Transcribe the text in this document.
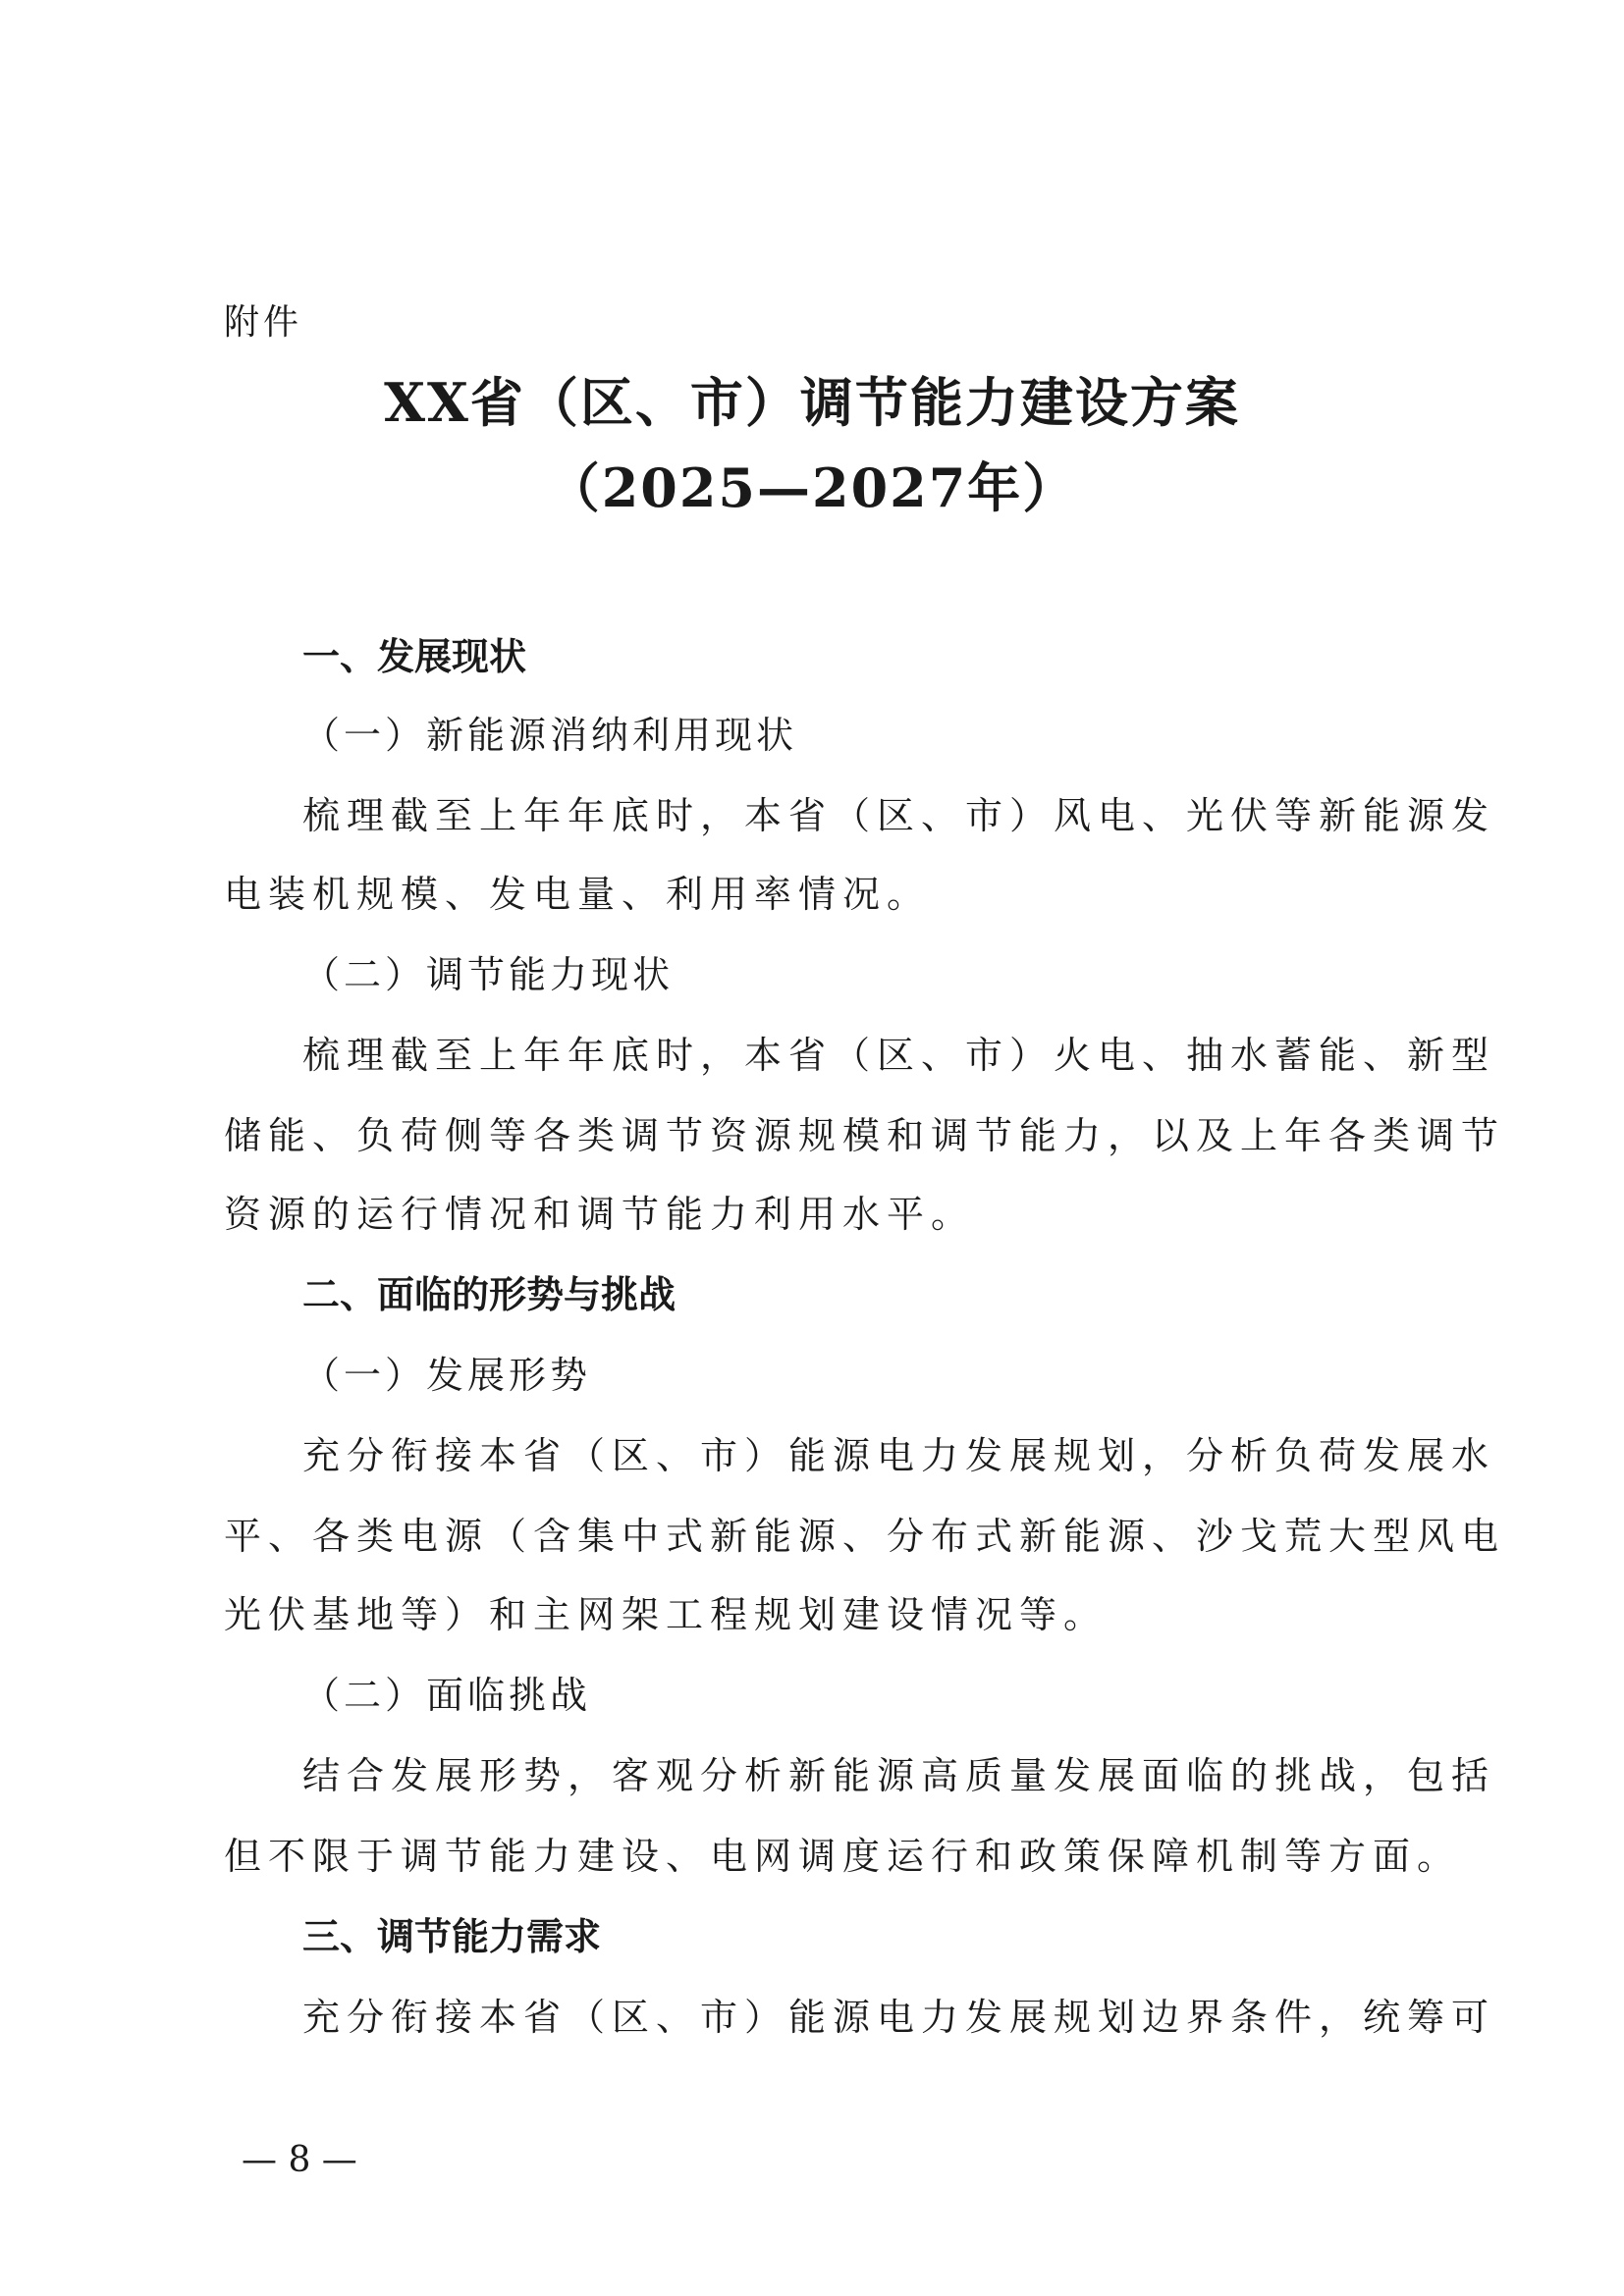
附件
XX省（区、市）调节能力建设方案
（2025—2027年）
一、发展现状
（一）新能源消纳利用现状
梳理截至上年年底时，本省（区、市）风电、光伏等新能源发
电装机规模、发电量、利用率情况。
（二）调节能力现状
梳理截至上年年底时，本省（区、市）火电、抽水蓄能、新型
储能、负荷侧等各类调节资源规模和调节能力，以及上年各类调节
资源的运行情况和调节能力利用水平。
二、面临的形势与挑战
（一）发展形势
充分衔接本省（区、市）能源电力发展规划，分析负荷发展水
平、各类电源（含集中式新能源、分布式新能源、沙戈荒大型风电
光伏基地等）和主网架工程规划建设情况等。
（二）面临挑战
结合发展形势，客观分析新能源高质量发展面临的挑战，包括
但不限于调节能力建设、电网调度运行和政策保障机制等方面。
三、调节能力需求
充分衔接本省（区、市）能源电力发展规划边界条件，统筹可
— 8 —
